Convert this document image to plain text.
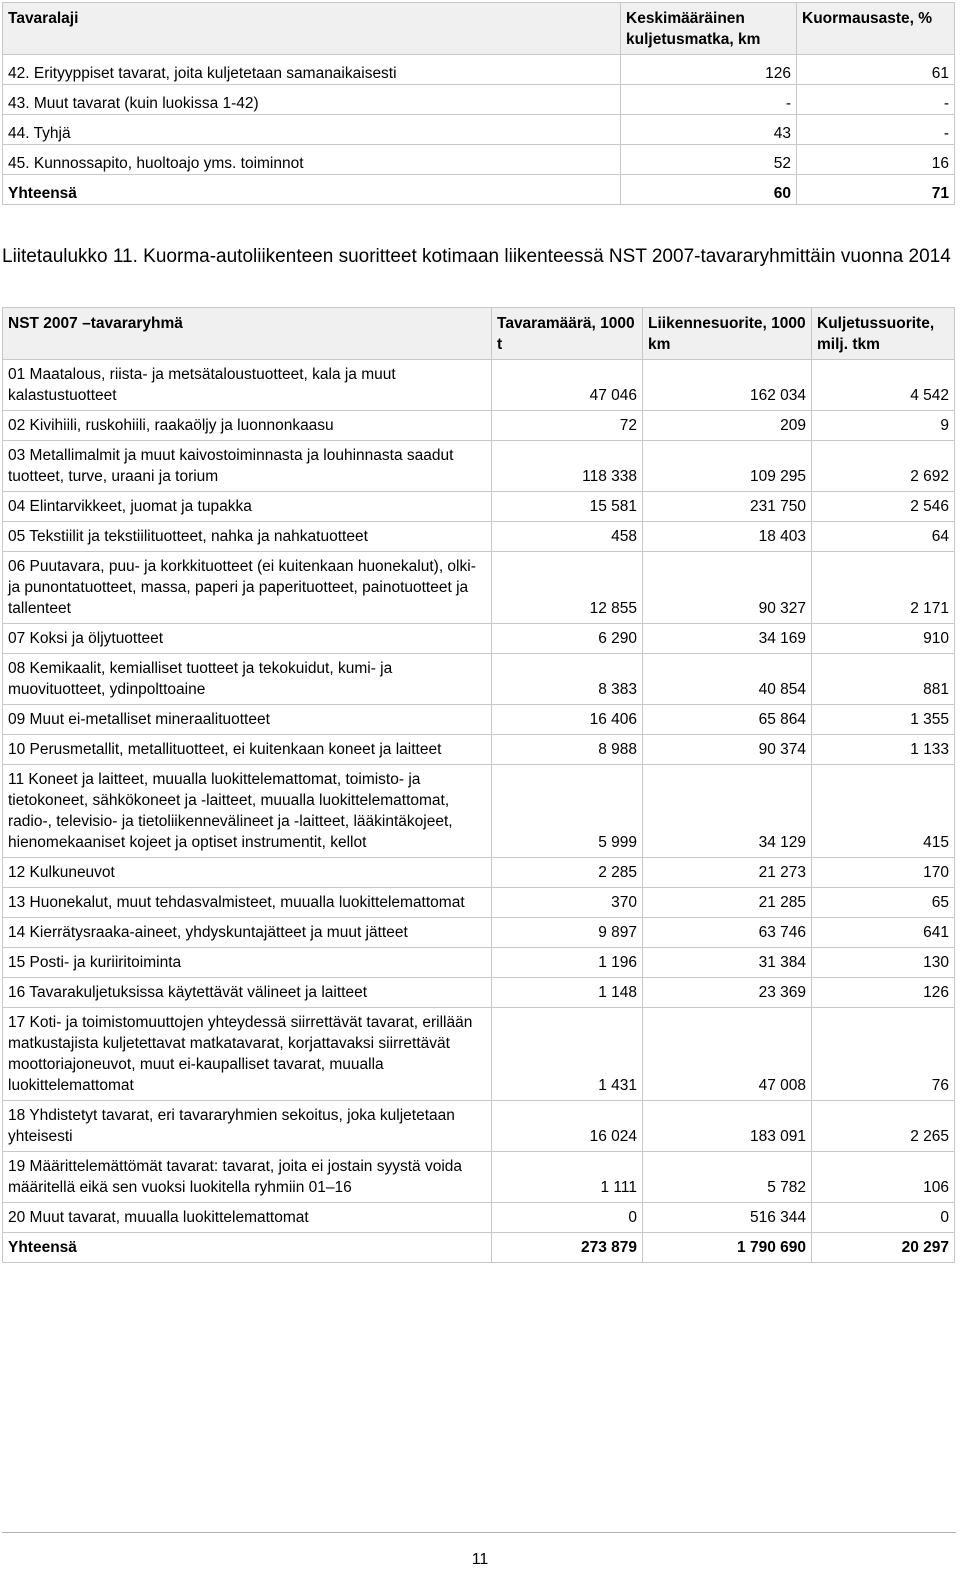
Tavaralaji	Keskimääräinen kuljetusmatka, km	Kuormausaste, %
42. Erityyppiset tavarat, joita kuljetetaan samanaikaisesti	126	61
43. Muut tavarat (kuin luokissa 1-42)	-	-
44. Tyhjä	43	-
45. Kunnossapito, huoltoajo yms. toiminnot	52	16
Yhteensä	60	71
Liitetaulukko 11. Kuorma-autoliikenteen suoritteet kotimaan liikenteessä NST 2007-tavararyhmittäin vuonna 2014
NST 2007 –tavararyhmä	Tavaramäärä, 1000 t	Liikennesuorite, 1000 km	Kuljetussuorite, milj. tkm
01 Maatalous, riista- ja metsätaloustuotteet, kala ja muut kalastustuotteet	47 046	162 034	4 542
02 Kivihiili, ruskohiili, raakaöljy ja luonnonkaasu	72	209	9
03 Metallimalmit ja muut kaivostoiminnasta ja louhinnasta saadut tuotteet, turve, uraani ja torium	118 338	109 295	2 692
04 Elintarvikkeet, juomat ja tupakka	15 581	231 750	2 546
05 Tekstiilit ja tekstiilituotteet, nahka ja nahkatuotteet	458	18 403	64
06 Puutavara, puu- ja korkkituotteet (ei kuitenkaan huonekalut), olki- ja punontatuotteet, massa, paperi ja paperituotteet, painotuotteet ja tallenteet	12 855	90 327	2 171
07 Koksi ja öljytuotteet	6 290	34 169	910
08 Kemikaalit, kemialliset tuotteet ja tekokuidut, kumi- ja muovituotteet, ydinpolttoaine	8 383	40 854	881
09 Muut ei-metalliset mineraalituotteet	16 406	65 864	1 355
10 Perusmetallit, metallituotteet, ei kuitenkaan koneet ja laitteet	8 988	90 374	1 133
11 Koneet ja laitteet, muualla luokittelemattomat, toimisto- ja tietokoneet, sähkökoneet ja -laitteet, muualla luokittelemattomat, radio-, televisio- ja tietoliikennevälineet ja -laitteet, lääkintäkojeet, hienomekaaniset kojeet ja optiset instrumentit, kellot	5 999	34 129	415
12 Kulkuneuvot	2 285	21 273	170
13 Huonekalut, muut tehdasvalmisteet, muualla luokittelemattomat	370	21 285	65
14 Kierrätysraaka-aineet, yhdyskuntajätteet ja muut jätteet	9 897	63 746	641
15 Posti- ja kuriiritoiminta	1 196	31 384	130
16 Tavarakuljetuksissa käytettävät välineet ja laitteet	1 148	23 369	126
17 Koti- ja toimistomuuttojen yhteydessä siirrettävät tavarat, erillään matkustajista kuljetettavat matkatavarat, korjattavaksi siirrettävät moottoriajoneuvot, muut ei-kaupalliset tavarat, muualla luokittelemattomat	1 431	47 008	76
18 Yhdistetyt tavarat, eri tavararyhmien sekoitus, joka kuljetetaan yhteisesti	16 024	183 091	2 265
19 Määrittelemättömät tavarat: tavarat, joita ei jostain syystä voida määritellä eikä sen vuoksi luokitella ryhmiin 01–16	1 111	5 782	106
20 Muut tavarat, muualla luokittelemattomat	0	516 344	0
Yhteensä	273 879	1 790 690	20 297
11
